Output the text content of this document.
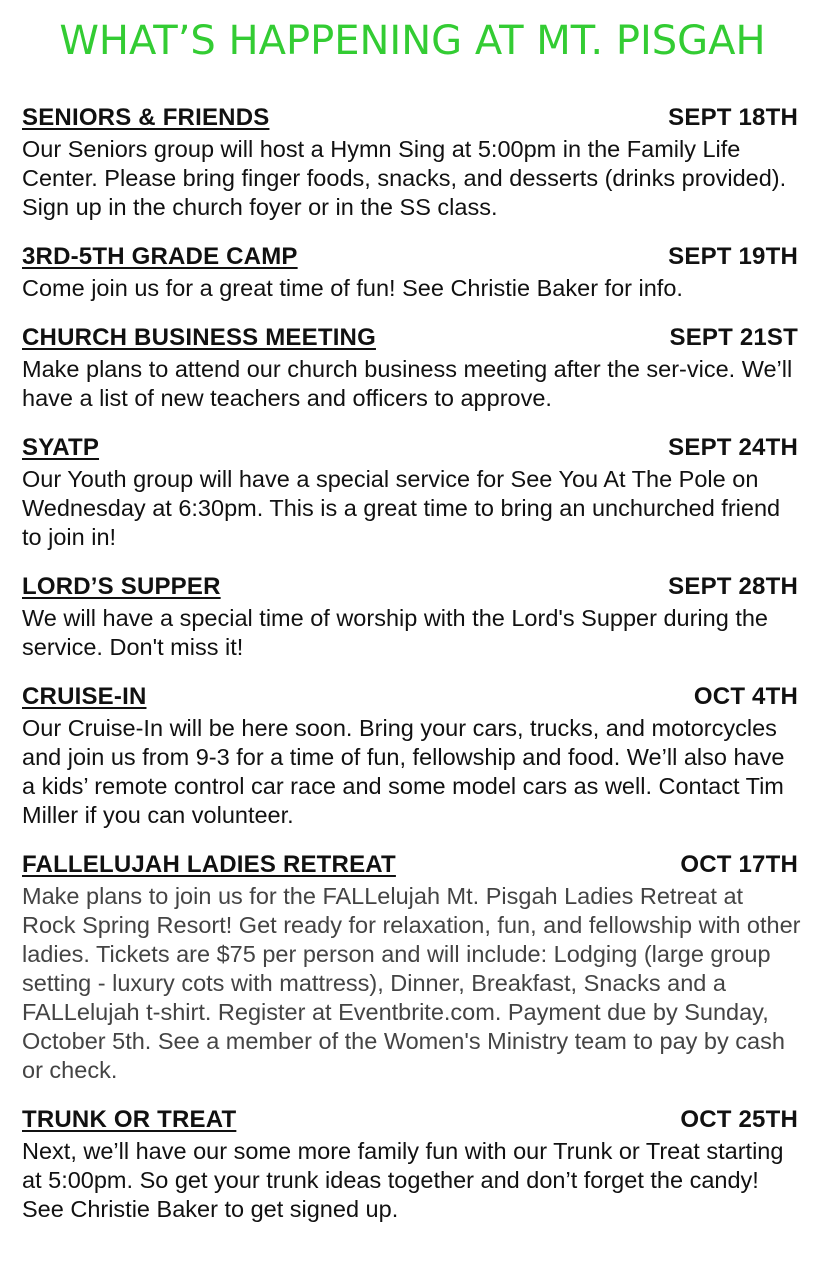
WHAT’S HAPPENING AT MT. PISGAH
SENIORS & FRIENDS	SEPT 18TH

Our Seniors group will host a Hymn Sing at 5:00pm in the Family Life Center. Please bring finger foods, snacks, and desserts (drinks provided). Sign up in the church foyer or in the SS class.

3RD-5TH GRADE CAMP	SEPT 19TH

Come join us for a great time of fun! See Christie Baker for info.

CHURCH BUSINESS MEETING	SEPT 21ST

Make plans to attend our church business meeting after the ser-vice. We’ll have a list of new teachers and officers to approve.

SYATP	SEPT 24TH

Our Youth group will have a special service for See You At The Pole on Wednesday at 6:30pm. This is a great time to bring an unchurched friend to join in!

LORD’S SUPPER	SEPT 28TH

We will have a special time of worship with the Lord's Supper during the service. Don't miss it!

CRUISE-IN	OCT 4TH

Our Cruise-In will be here soon. Bring your cars, trucks, and motorcycles and join us from 9-3 for a time of fun, fellowship and food. We’ll also have a kids’ remote control car race and some model cars as well. Contact Tim Miller if you can volunteer.

FALLELUJAH LADIES RETREAT	OCT 17TH

Make plans to join us for the FALLelujah Mt. Pisgah Ladies Retreat at Rock Spring Resort! Get ready for relaxation, fun, and fellowship with other ladies. Tickets are $75 per person and will include: Lodging (large group setting - luxury cots with mattress), Dinner, Breakfast, Snacks and a FALLelujah t-shirt. Register at Eventbrite.com. Payment due by Sunday, October 5th. See a member of the Women's Ministry team to pay by cash or check.

TRUNK OR TREAT	OCT 25TH

Next, we’ll have our some more family fun with our Trunk or Treat starting at 5:00pm. So get your trunk ideas together and don’t forget the candy! See Christie Baker to get signed up.
